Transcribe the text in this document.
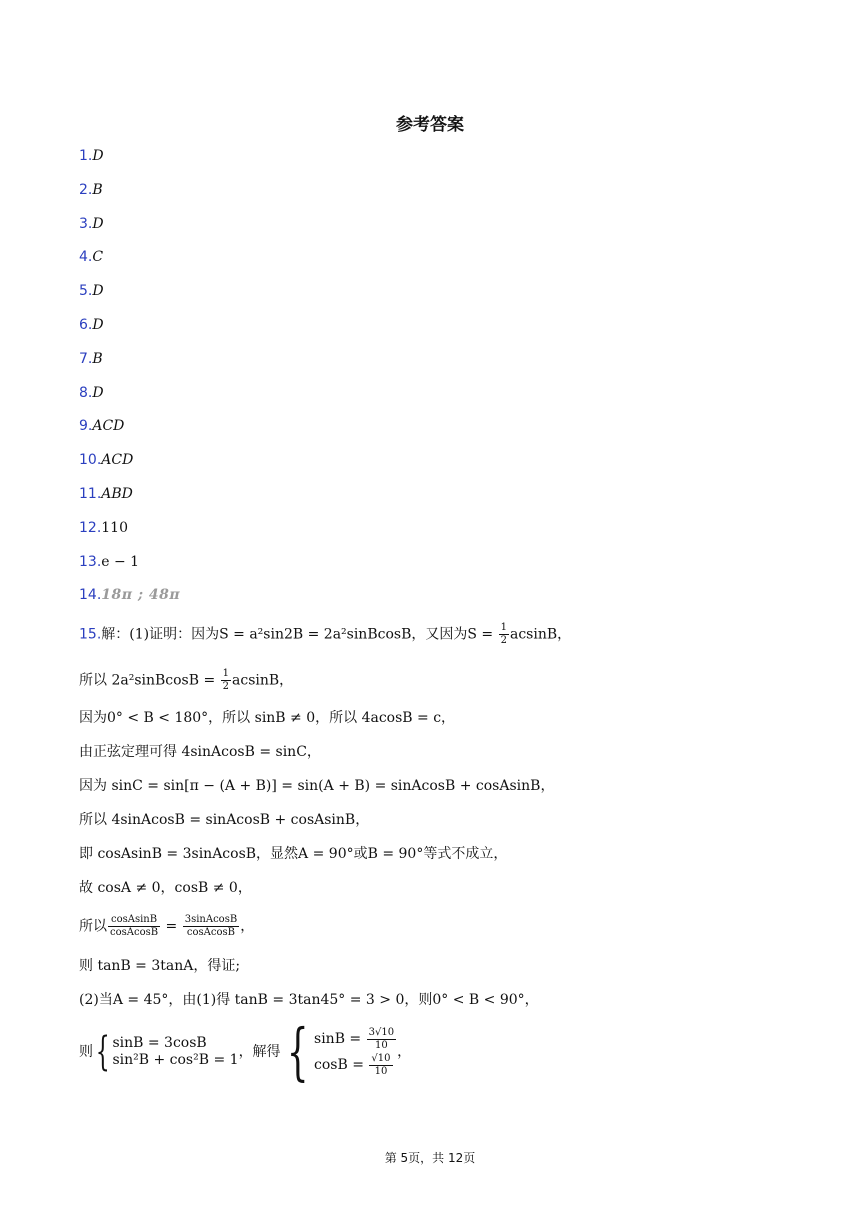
参考答案
1.D
2.B
3.D
4.C
5.D
6.D
7.B
8.D
9.ACD
10.ACD
11.ABD
12.110
13.e − 1
14.18π ; 48π
15.解：(1)证明：因为S = a²sin2B = 2a²sinBcosB，又因为$S = \frac{1}{2}$ acsinB，
所以 2a²sinBcosB = $\frac{1}{2}$ acsinB，
因为0° < B < 180°，所以 sinB ≠ 0，所以 4acosB = c，
由正弦定理可得 4sinAcosB = sinC，
因为 sinC = sin[π − (A + B)] = sin(A + B) = sinAcosB + cosAsinB，
所以 4sinAcosB = sinAcosB + cosAsinB，
即 cosAsinB = 3sinAcosB，显然A = 90°或B = 90°等式不成立，
故 cosA ≠ 0，cosB ≠ 0，
所以 $\frac{\text{cosAsinB}}{\text{cosAcosB}} = \frac{\text{3sinAcosB}}{\text{cosAcosB}}$ ，
则 tanB = 3tanA，得证;
(2)当A = 45°，由(1)得 tanB = 3tan45° = 3 > 0，则0° < B < 90°，
则{ sinB = 3cosB
sin²B + cos²B = 1 ，解得{ $\sin B = \frac{3√10}{10}$
$\cos B = \frac{√10}{10}$
，
第 5页，共 12页
